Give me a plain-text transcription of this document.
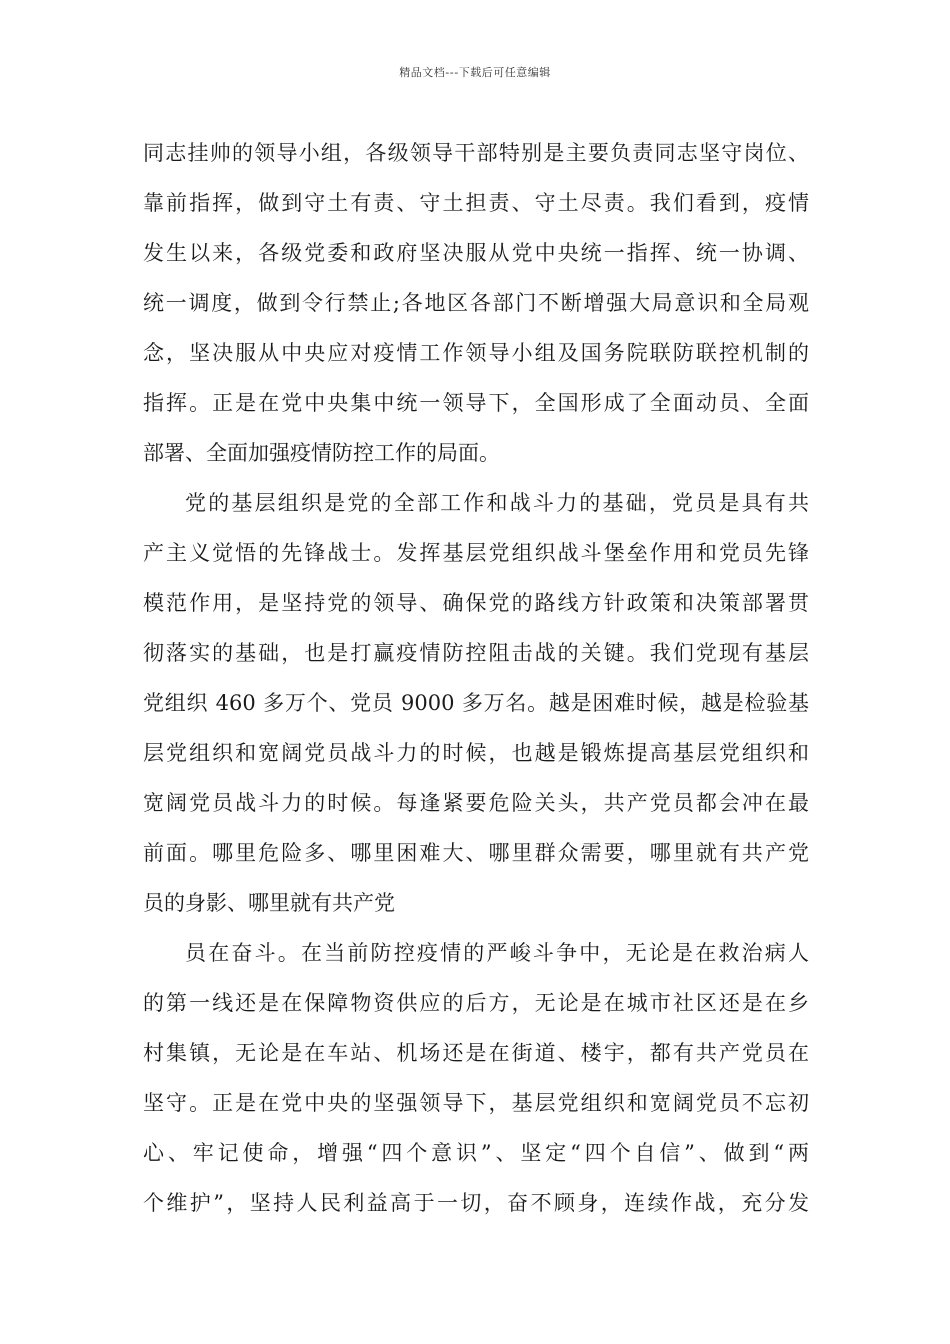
精品文档---下载后可任意编辑
同志挂帅的领导小组，各级领导干部特别是主要负责同志坚守岗位、
靠前指挥，做到守土有责、守土担责、守土尽责。我们看到，疫情
发生以来，各级党委和政府坚决服从党中央统一指挥、统一协调、
统一调度，做到令行禁止;各地区各部门不断增强大局意识和全局观
念，坚决服从中央应对疫情工作领导小组及国务院联防联控机制的
指挥。正是在党中央集中统一领导下，全国形成了全面动员、全面
部署、全面加强疫情防控工作的局面。
党的基层组织是党的全部工作和战斗力的基础，党员是具有共
产主义觉悟的先锋战士。发挥基层党组织战斗堡垒作用和党员先锋
模范作用，是坚持党的领导、确保党的路线方针政策和决策部署贯
彻落实的基础，也是打赢疫情防控阻击战的关键。我们党现有基层
党组织 460 多万个、党员 9000 多万名。越是困难时候，越是检验基
层党组织和宽阔党员战斗力的时候，也越是锻炼提高基层党组织和
宽阔党员战斗力的时候。每逢紧要危险关头，共产党员都会冲在最
前面。哪里危险多、哪里困难大、哪里群众需要，哪里就有共产党
员的身影、哪里就有共产党
员在奋斗。在当前防控疫情的严峻斗争中，无论是在救治病人
的第一线还是在保障物资供应的后方，无论是在城市社区还是在乡
村集镇，无论是在车站、机场还是在街道、楼宇，都有共产党员在
坚守。正是在党中央的坚强领导下，基层党组织和宽阔党员不忘初
心、牢记使命，增强“四个意识”、坚定“四个自信”、做到“两
个维护”，坚持人民利益高于一切，奋不顾身，连续作战，充分发
